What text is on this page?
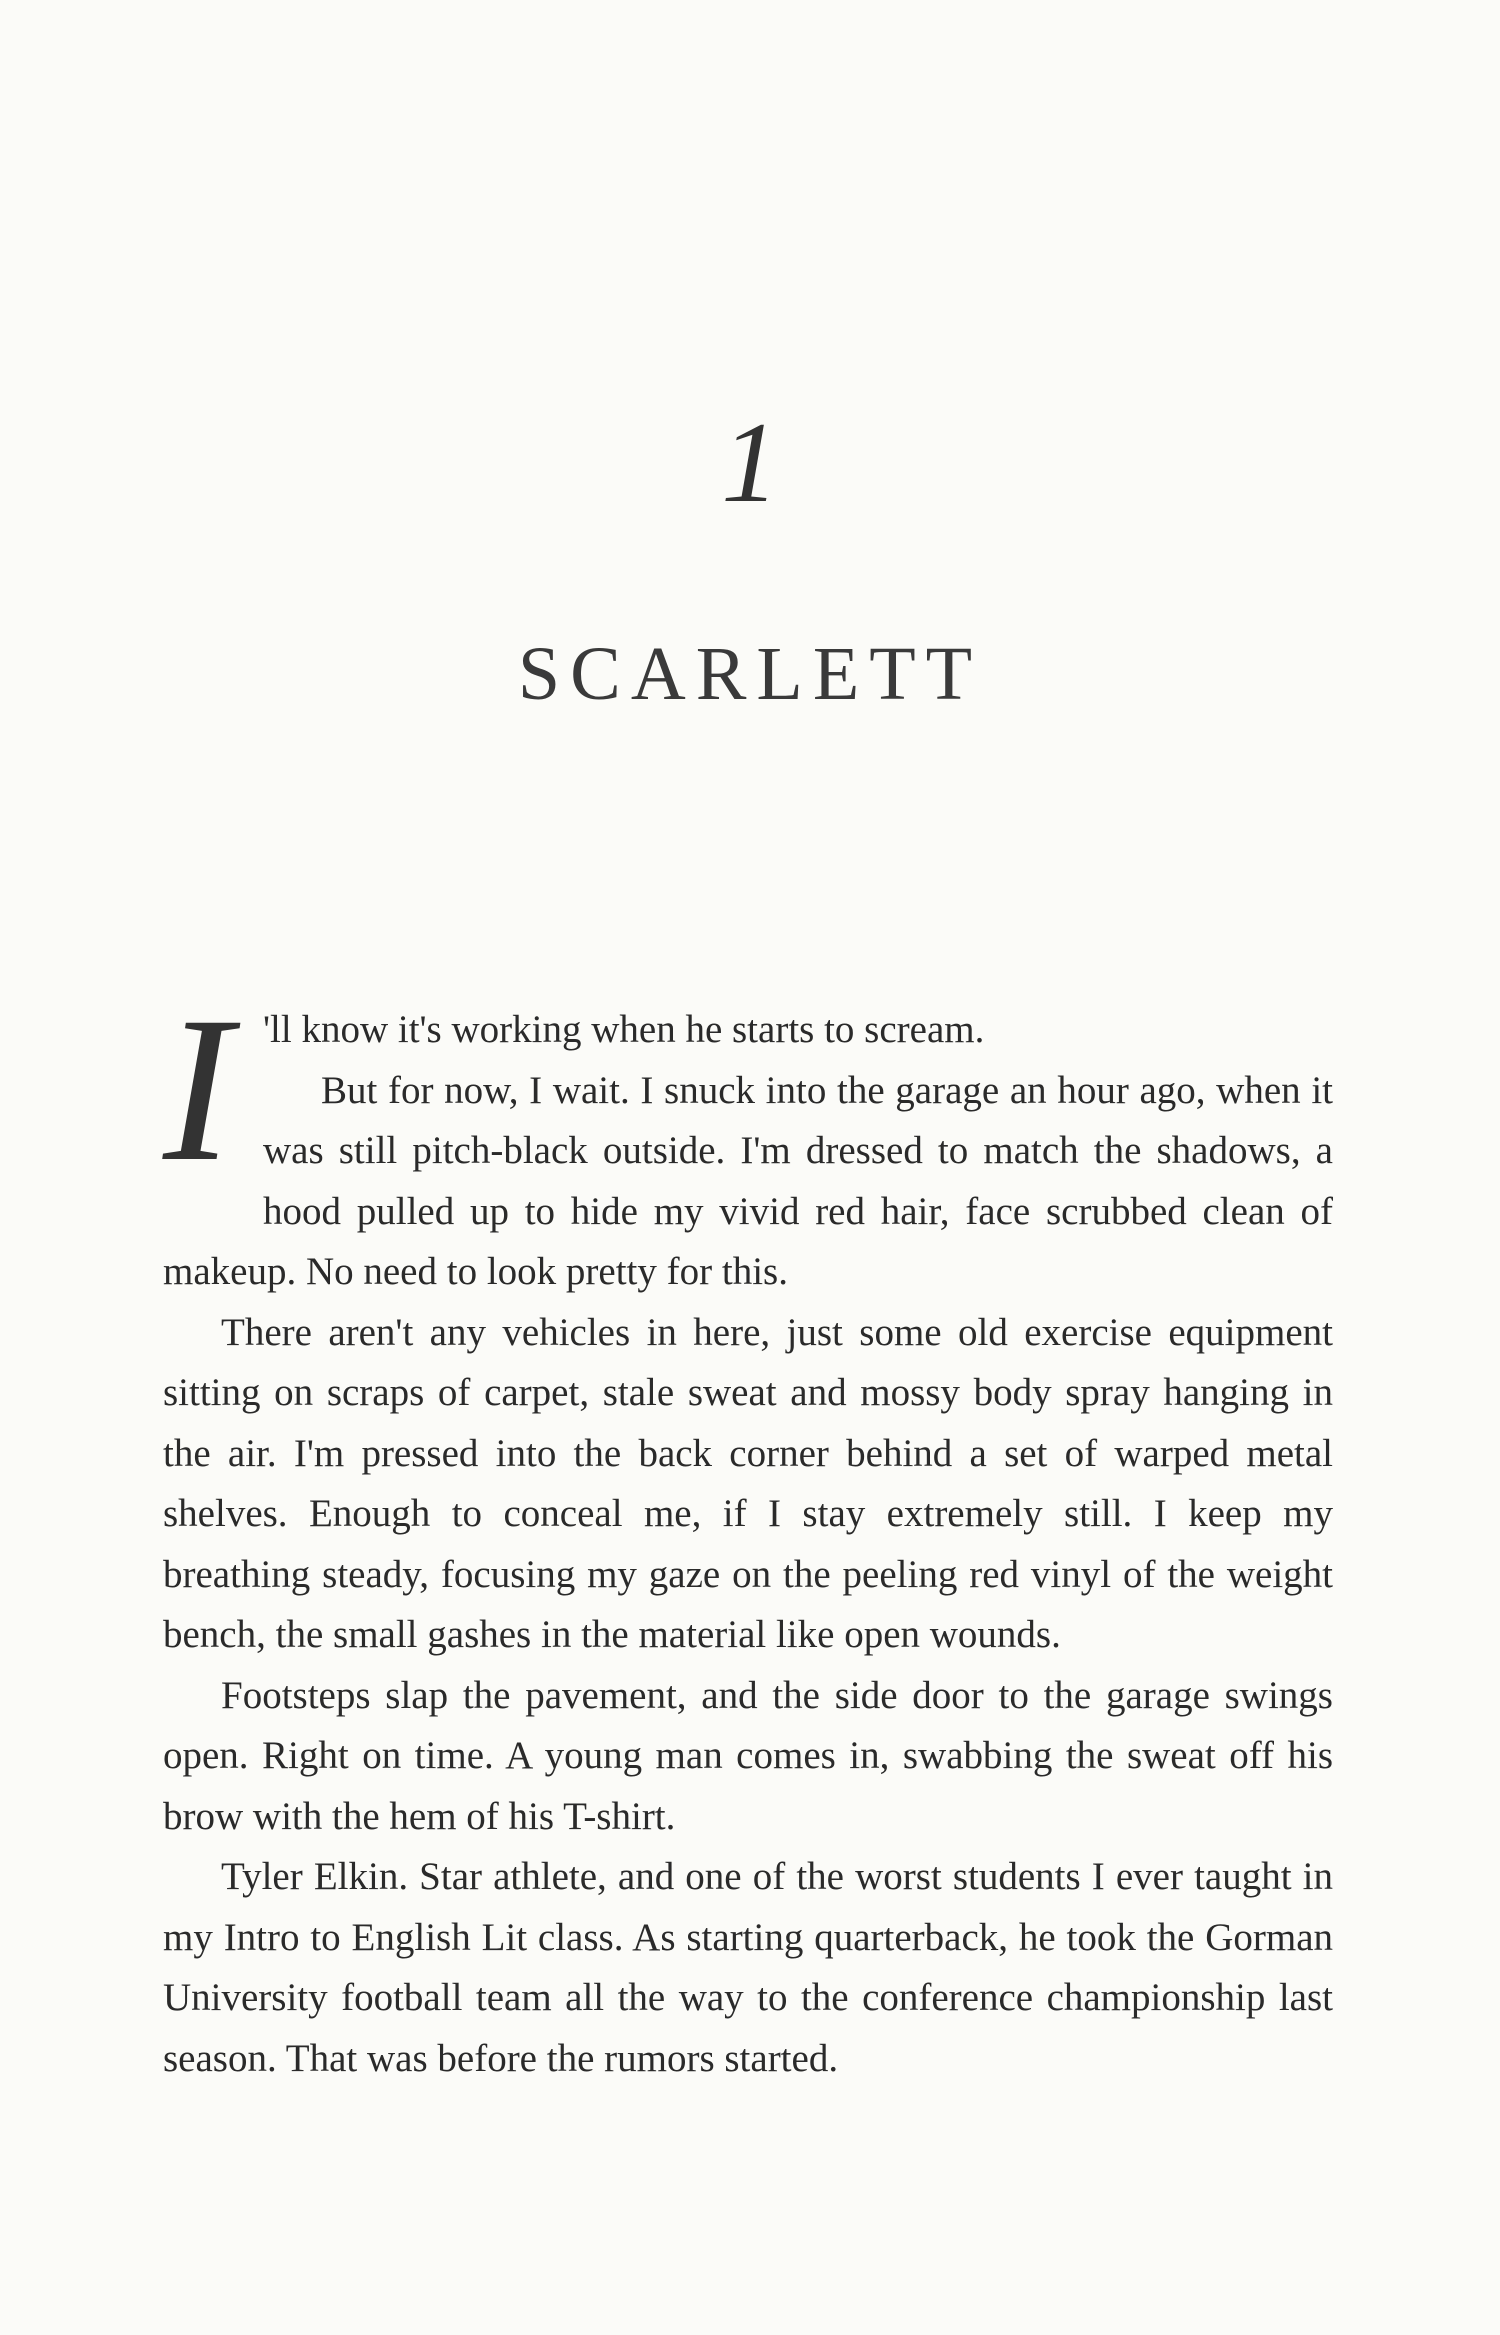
1
SCARLETT

I 'll know it's working when he starts to scream.

But for now, I wait. I snuck into the garage an hour ago, when it was still pitch-black outside. I'm dressed to match the shadows, a hood pulled up to hide my vivid red hair, face scrubbed clean of makeup. No need to look pretty for this.

There aren't any vehicles in here, just some old exercise equipment sitting on scraps of carpet, stale sweat and mossy body spray hanging in the air. I'm pressed into the back corner behind a set of warped metal shelves. Enough to conceal me, if I stay extremely still. I keep my breathing steady, focusing my gaze on the peeling red vinyl of the weight bench, the small gashes in the material like open wounds.

Footsteps slap the pavement, and the side door to the garage swings open. Right on time. A young man comes in, swabbing the sweat off his brow with the hem of his T-shirt.

Tyler Elkin. Star athlete, and one of the worst students I ever taught in my Intro to English Lit class. As starting quarterback, he took the Gorman University football team all the way to the conference championship last season. That was before the rumors started.
